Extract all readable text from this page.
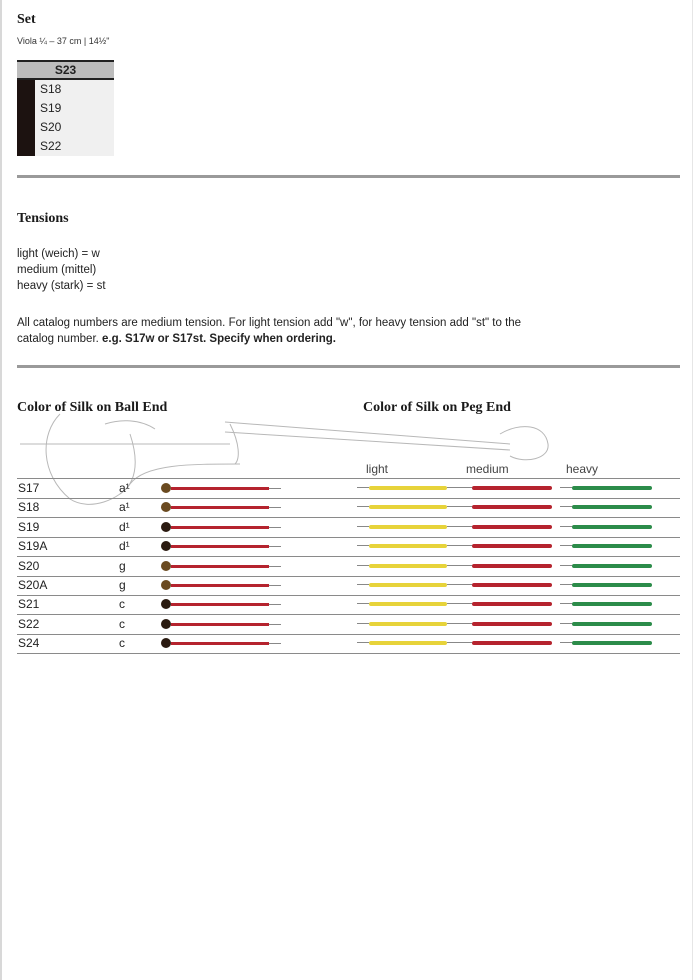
Set
Viola ¼ – 37 cm | 14½"
S23
S18
S19
S20
S22
Tensions
light (weich) = w
medium (mittel)
heavy (stark) = st
All catalog numbers are medium tension. For light tension add "w", for heavy tension add "st" to the
catalog number. e.g. S17w or S17st. Specify when ordering.
Color of Silk on Ball End	Color of Silk on Peg End
light	medium	heavy
S17	a¹
S18	a¹
S19	d¹
S19A	d¹
S20	g
S20A	g
S21	c
S22	c
S24	c
